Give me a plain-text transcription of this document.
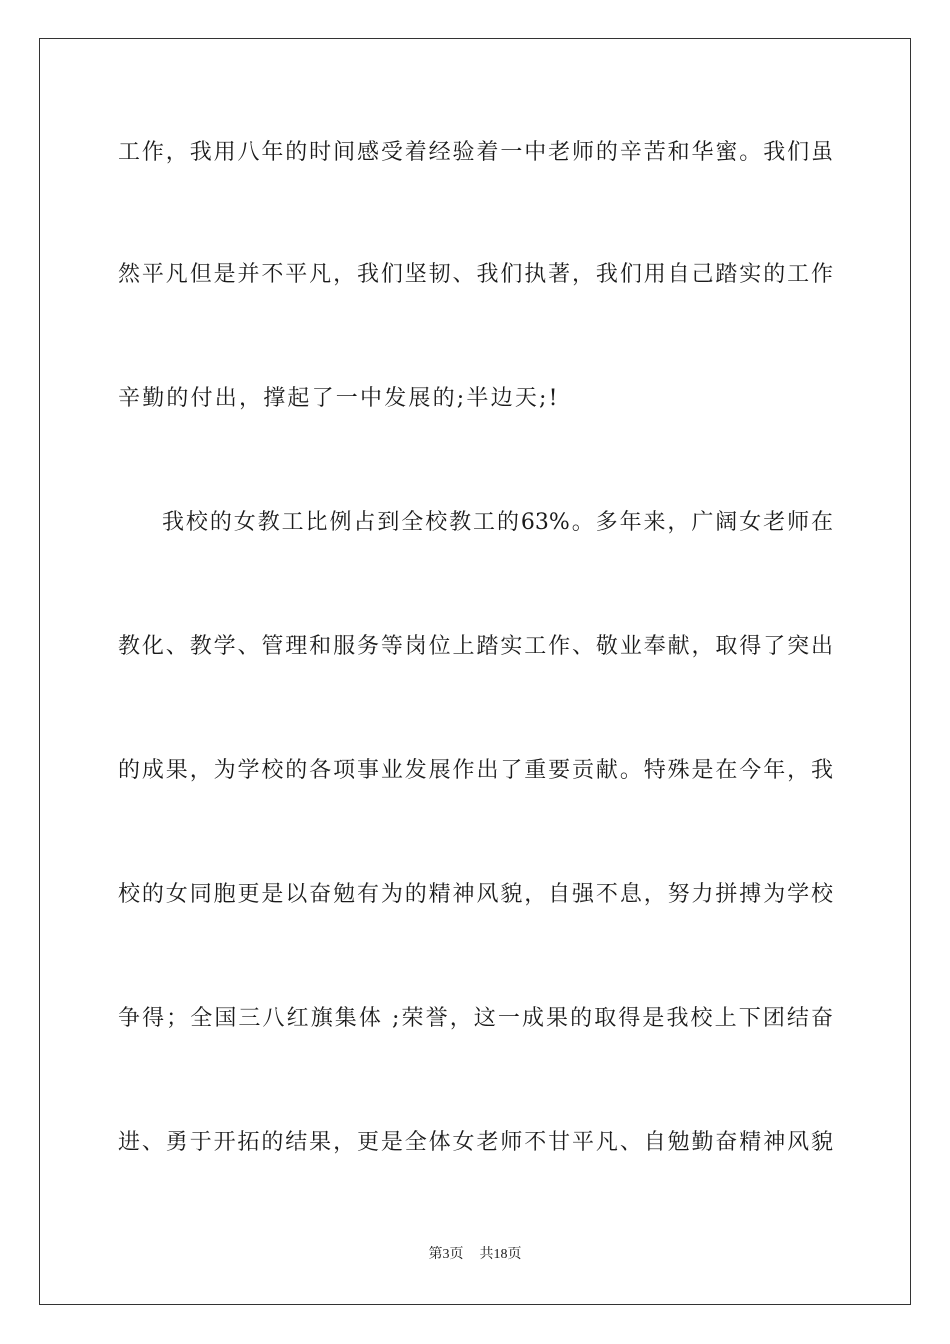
工作，我用八年的时间感受着经验着一中老师的辛苦和华蜜。我们虽
然平凡但是并不平凡，我们坚韧、我们执著，我们用自己踏实的工作
辛勤的付出，撑起了一中发展的;半边天;!
我校的女教工比例占到全校教工的63%。多年来，广阔女老师在
教化、教学、管理和服务等岗位上踏实工作、敬业奉献，取得了突出
的成果，为学校的各项事业发展作出了重要贡献。特殊是在今年，我
校的女同胞更是以奋勉有为的精神风貌，自强不息，努力拼搏为学校
争得；全国三八红旗集体 ;荣誉，这一成果的取得是我校上下团结奋
进、勇于开拓的结果，更是全体女老师不甘平凡、自勉勤奋精神风貌
第3页 共18页
